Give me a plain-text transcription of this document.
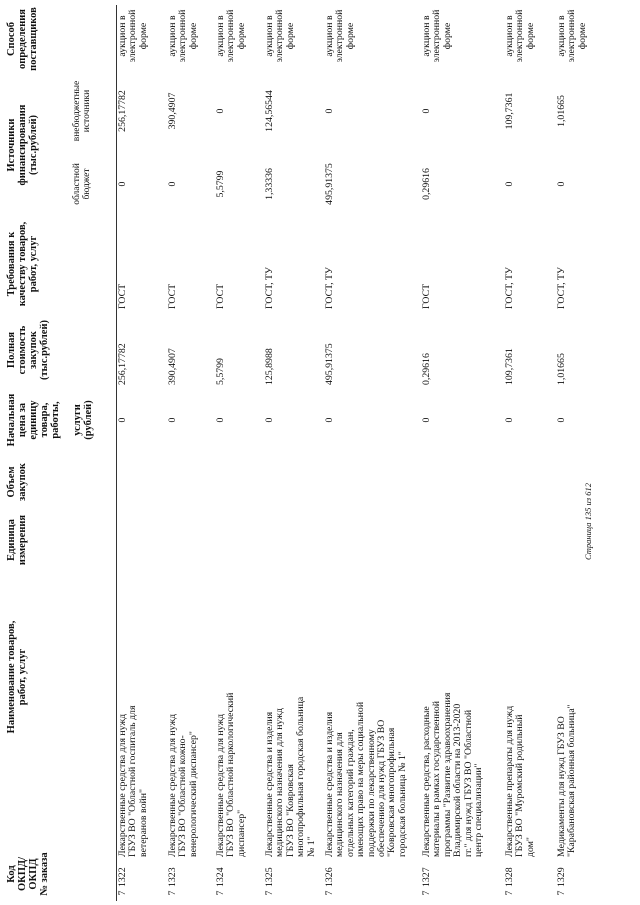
Код
ОКПД/
ОКПД
№ заказа
Наименование товаров,
работ, услуг
Единица
измерения
Объем
закупок
Начальная
цена за
единицу
товара,
работы,

услуги
(рублей)
Полная
стоимость
закупок
(тыс.рублей)
Требования к
качеству товаров,
работ, услуг
Источники
финансирования
(тыс.рублей)
областной
бюджет
внебюджетные
источники
Способ
определения
поставщиков
7
1322
Лекарственные средства для нужд
ГБУЗ ВО "Областной госпиталь для
ветеранов войн"
0
256,17782
ГОСТ
0
256,17782
аукцион в
электронной
форме
7
1323
Лекарственные средства для нужд
ГБУЗ ВО "Областной кожно-
венерологический диспансер"
0
390,4907
ГОСТ
0
390,4907
аукцион в
электронной
форме
7
1324
Лекарственные средства для нужд
ГБУЗ ВО "Областной наркологический
диспансер"
0
5,5799
ГОСТ
5,5799
0
аукцион в
электронной
форме
7
1325
Лекарственные средства и изделия
медицинского назначения для нужд
ГБУЗ ВО "Ковровская
многопрофильная городская больница
№ 1"
0
125,8988
ГОСТ, ТУ
1,33336
124,56544
аукцион в
электронной
форме
7
1326
Лекарственные средства и изделия
медицинского назначения для
отдельных категорий граждан,
имеющих право на меры социальной
поддержки по лекарственному
обеспечению для нужд ГБУЗ ВО
"Ковровская многопрофильная
городская больница № 1"
0
495,91375
ГОСТ, ТУ
495,91375
0
аукцион в
электронной
форме
7
1327
Лекарственные средства, расходные
материалы в рамках государственной
программы "Развитие здравоохранения
Владимирской области на 2013-2020
гг." для нужд ГБУЗ ВО "Областной
центр специализации"
0
0,29616
ГОСТ
0,29616
0
аукцион в
электронной
форме
7
1328
Лекарственные препараты для нужд
ГБУЗ ВО "Муромский родильный
дом"
0
109,7361
ГОСТ, ТУ
0
109,7361
аукцион в
электронной
форме
7
1329
Медикаменты для нужд ГБУЗ ВО
"Карабановская районная больница"
0
1,01665
ГОСТ, ТУ
0
1,01665
аукцион в
электронной
форме
Страница 135 из 612
